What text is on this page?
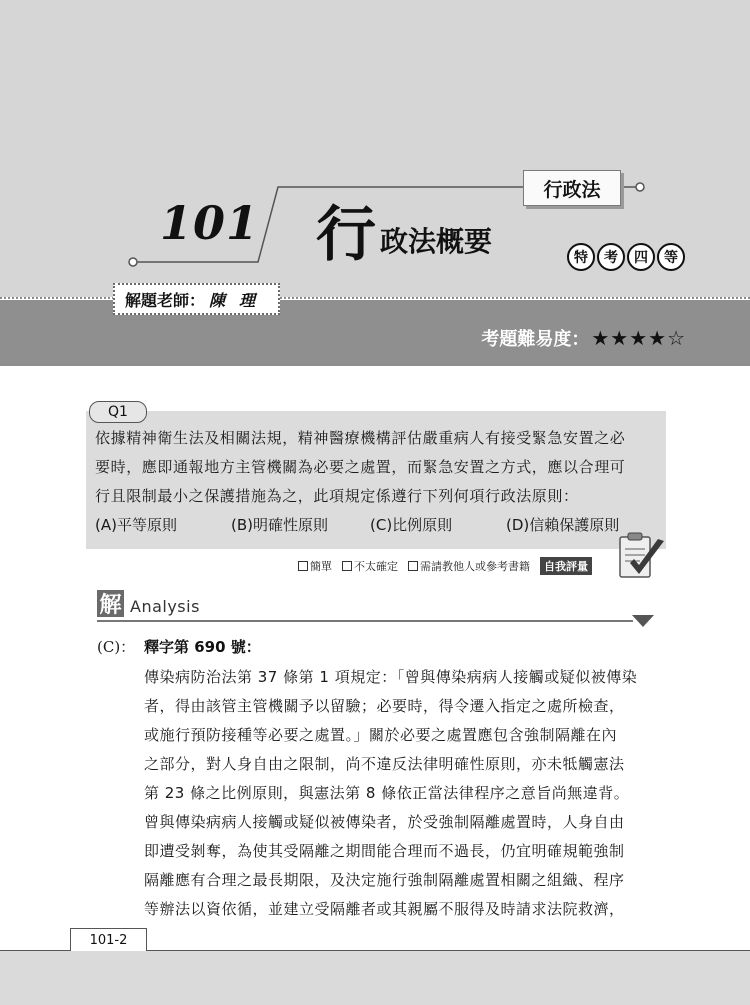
行政法
101 行 政法概要	特	考	四	等
解題老師： 陳理
考題難易度： ★★★★☆
Q1
依據精神衛生法及相關法規，精神醫療機構評估嚴重病人有接受緊急安置之必
要時，應即通報地方主管機關為必要之處置，而緊急安置之方式，應以合理可
行且限制最小之保護措施為之，此項規定係遵行下列何項行政法原則：
(A)平等原則	(B)明確性原則	(C)比例原則	(D)信賴保護原則
簡單	不太確定	需請教他人或參考書籍	自我評量
解 Analysis
(C)： 釋字第 690 號：
傳染病防治法第 37 條第 1 項規定：「曾與傳染病病人接觸或疑似被傳染
者，得由該管主管機關予以留驗；必要時，得令遷入指定之處所檢查，
或施行預防接種等必要之處置。」關於必要之處置應包含強制隔離在內
之部分，對人身自由之限制，尚不違反法律明確性原則，亦未牴觸憲法
第 23 條之比例原則，與憲法第 8 條依正當法律程序之意旨尚無違背。
曾與傳染病病人接觸或疑似被傳染者，於受強制隔離處置時，人身自由
即遭受剝奪，為使其受隔離之期間能合理而不過長，仍宜明確規範強制
隔離應有合理之最長期限，及決定施行強制隔離處置相關之組織、程序
等辦法以資依循，並建立受隔離者或其親屬不服得及時請求法院救濟，
101-2
